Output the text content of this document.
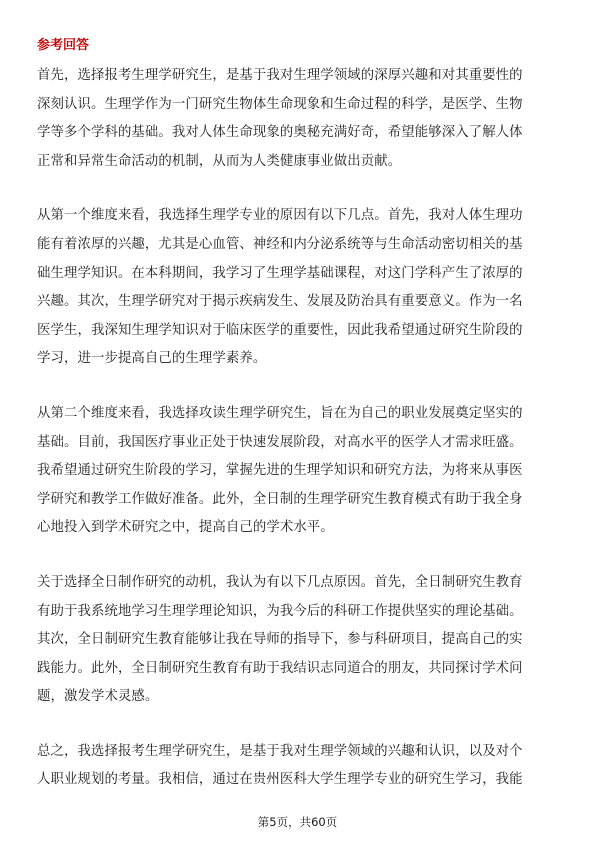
参考回答

首先，选择报考生理学研究生，是基于我对生理学领域的深厚兴趣和对其重要性的
深刻认识。生理学作为一门研究生物体生命现象和生命过程的科学，是医学、生物
学等多个学科的基础。我对人体生命现象的奥秘充满好奇，希望能够深入了解人体
正常和异常生命活动的机制，从而为人类健康事业做出贡献。

从第一个维度来看，我选择生理学专业的原因有以下几点。首先，我对人体生理功
能有着浓厚的兴趣，尤其是心血管、神经和内分泌系统等与生命活动密切相关的基
础生理学知识。在本科期间，我学习了生理学基础课程，对这门学科产生了浓厚的
兴趣。其次，生理学研究对于揭示疾病发生、发展及防治具有重要意义。作为一名
医学生，我深知生理学知识对于临床医学的重要性，因此我希望通过研究生阶段的
学习，进一步提高自己的生理学素养。

从第二个维度来看，我选择攻读生理学研究生，旨在为自己的职业发展奠定坚实的
基础。目前，我国医疗事业正处于快速发展阶段，对高水平的医学人才需求旺盛。
我希望通过研究生阶段的学习，掌握先进的生理学知识和研究方法，为将来从事医
学研究和教学工作做好准备。此外，全日制的生理学研究生教育模式有助于我全身
心地投入到学术研究之中，提高自己的学术水平。

关于选择全日制作研究的动机，我认为有以下几点原因。首先，全日制研究生教育
有助于我系统地学习生理学理论知识，为我今后的科研工作提供坚实的理论基础。
其次，全日制研究生教育能够让我在导师的指导下，参与科研项目，提高自己的实
践能力。此外，全日制研究生教育有助于我结识志同道合的朋友，共同探讨学术问
题，激发学术灵感。

总之，我选择报考生理学研究生，是基于我对生理学领域的兴趣和认识，以及对个
人职业规划的考量。我相信，通过在贵州医科大学生理学专业的研究生学习，我能

第5页，共60页
